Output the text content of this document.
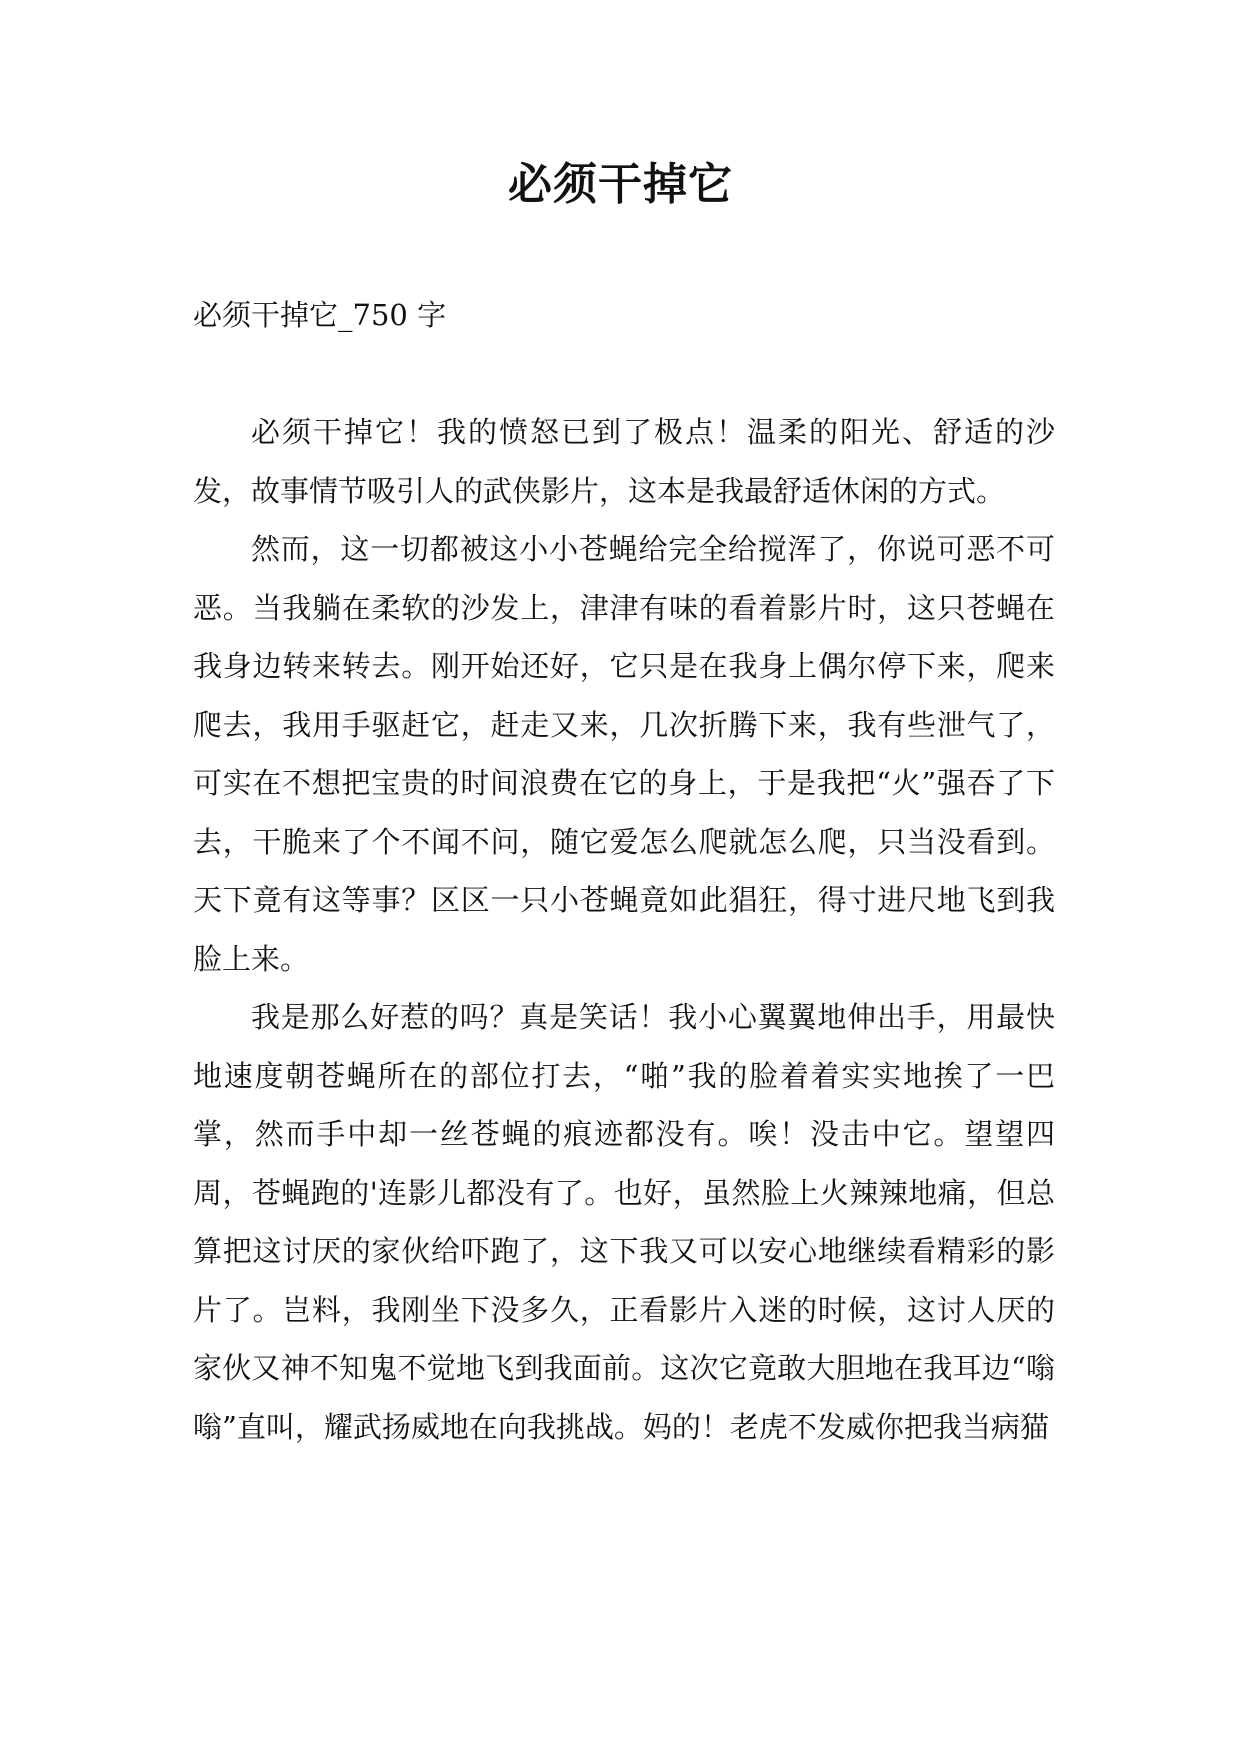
必须干掉它
必须干掉它_750 字

必须干掉它！我的愤怒已到了极点！温柔的阳光、舒适的沙发，故事情节吸引人的武侠影片，这本是我最舒适休闲的方式。

然而，这一切都被这小小苍蝇给完全给搅浑了，你说可恶不可恶。当我躺在柔软的沙发上，津津有味的看着影片时，这只苍蝇在我身边转来转去。刚开始还好，它只是在我身上偶尔停下来，爬来爬去，我用手驱赶它，赶走又来，几次折腾下来，我有些泄气了，可实在不想把宝贵的时间浪费在它的身上，于是我把“火”强吞了下去，干脆来了个不闻不问，随它爱怎么爬就怎么爬，只当没看到。天下竟有这等事？区区一只小苍蝇竟如此猖狂，得寸进尺地飞到我脸上来。

我是那么好惹的吗？真是笑话！我小心翼翼地伸出手，用最快地速度朝苍蝇所在的部位打去，“啪”我的脸着着实实地挨了一巴掌，然而手中却一丝苍蝇的痕迹都没有。唉！没击中它。望望四周，苍蝇跑的'连影儿都没有了。也好，虽然脸上火辣辣地痛，但总算把这讨厌的家伙给吓跑了，这下我又可以安心地继续看精彩的影片了。岂料，我刚坐下没多久，正看影片入迷的时候，这讨人厌的家伙又神不知鬼不觉地飞到我面前。这次它竟敢大胆地在我耳边“嗡嗡”直叫，耀武扬威地在向我挑战。妈的！老虎不发威你把我当病猫
